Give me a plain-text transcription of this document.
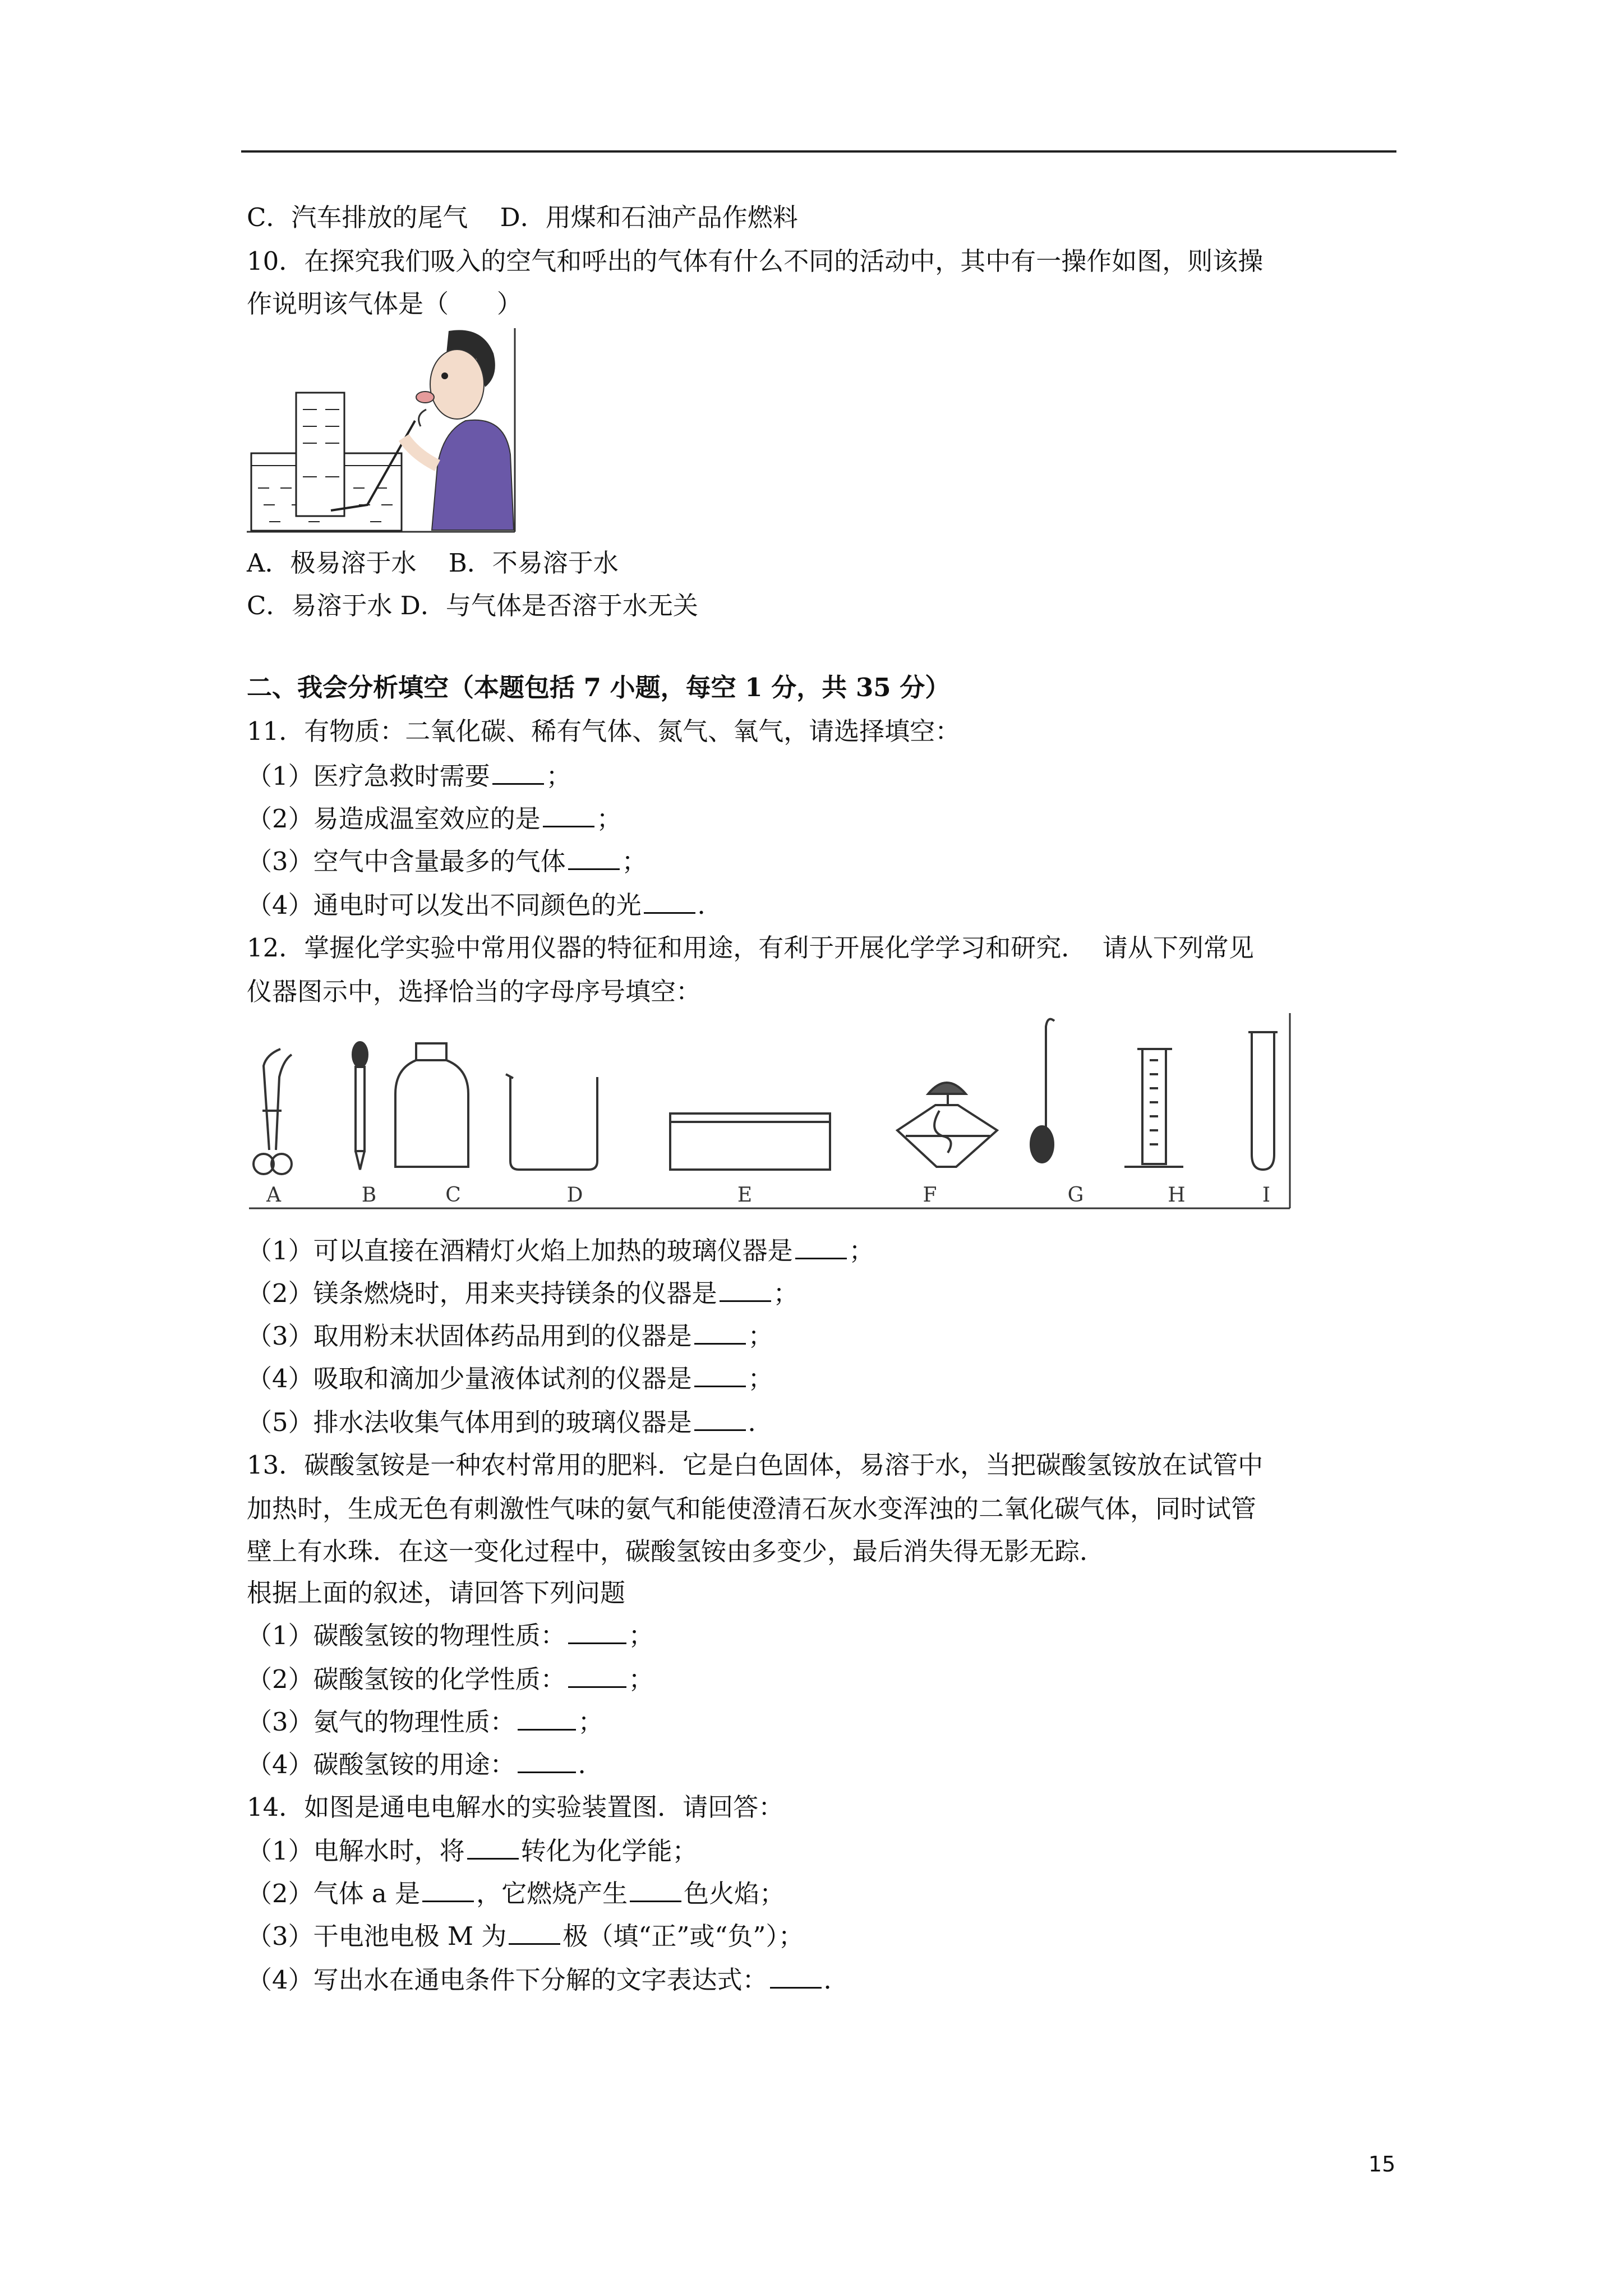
C．汽车排放的尾气    D．用煤和石油产品作燃料
10．在探究我们吸入的空气和呼出的气体有什么不同的活动中，其中有一操作如图，则该操
作说明该气体是（      ）
A．极易溶于水    B．不易溶于水
C．易溶于水 D．与气体是否溶于水无关
二、我会分析填空（本题包括 7 小题，每空 1 分，共 35 分）
11．有物质：二氧化碳、稀有气体、氮气、氧气，请选择填空：
（1）医疗急救时需要 ；
（2）易造成温室效应的是 ；
（3）空气中含量最多的气体 ；
（4）通电时可以发出不同颜色的光 ．
12．掌握化学实验中常用仪器的特征和用途，有利于开展化学学习和研究．  请从下列常见
仪器图示中，选择恰当的字母序号填空：
A	B	C	D	E	F	G	H	I
（1）可以直接在酒精灯火焰上加热的玻璃仪器是 ；
（2）镁条燃烧时，用来夹持镁条的仪器是 ；
（3）取用粉末状固体药品用到的仪器是 ；
（4）吸取和滴加少量液体试剂的仪器是 ；
（5）排水法收集气体用到的玻璃仪器是 ．
13．碳酸氢铵是一种农村常用的肥料．它是白色固体，易溶于水，当把碳酸氢铵放在试管中
加热时，生成无色有刺激性气味的氨气和能使澄清石灰水变浑浊的二氧化碳气体，同时试管
壁上有水珠．在这一变化过程中，碳酸氢铵由多变少，最后消失得无影无踪．
根据上面的叙述，请回答下列问题
（1）碳酸氢铵的物理性质： ；
（2）碳酸氢铵的化学性质： ；
（3）氨气的物理性质： ；
（4）碳酸氢铵的用途： ．
14．如图是通电电解水的实验装置图．请回答：
（1）电解水时，将 转化为化学能；
（2）气体 a 是 ，它燃烧产生 色火焰；
（3）干电池电极 M 为 极（填“正”或“负”）；
（4）写出水在通电条件下分解的文字表达式： ．
15
